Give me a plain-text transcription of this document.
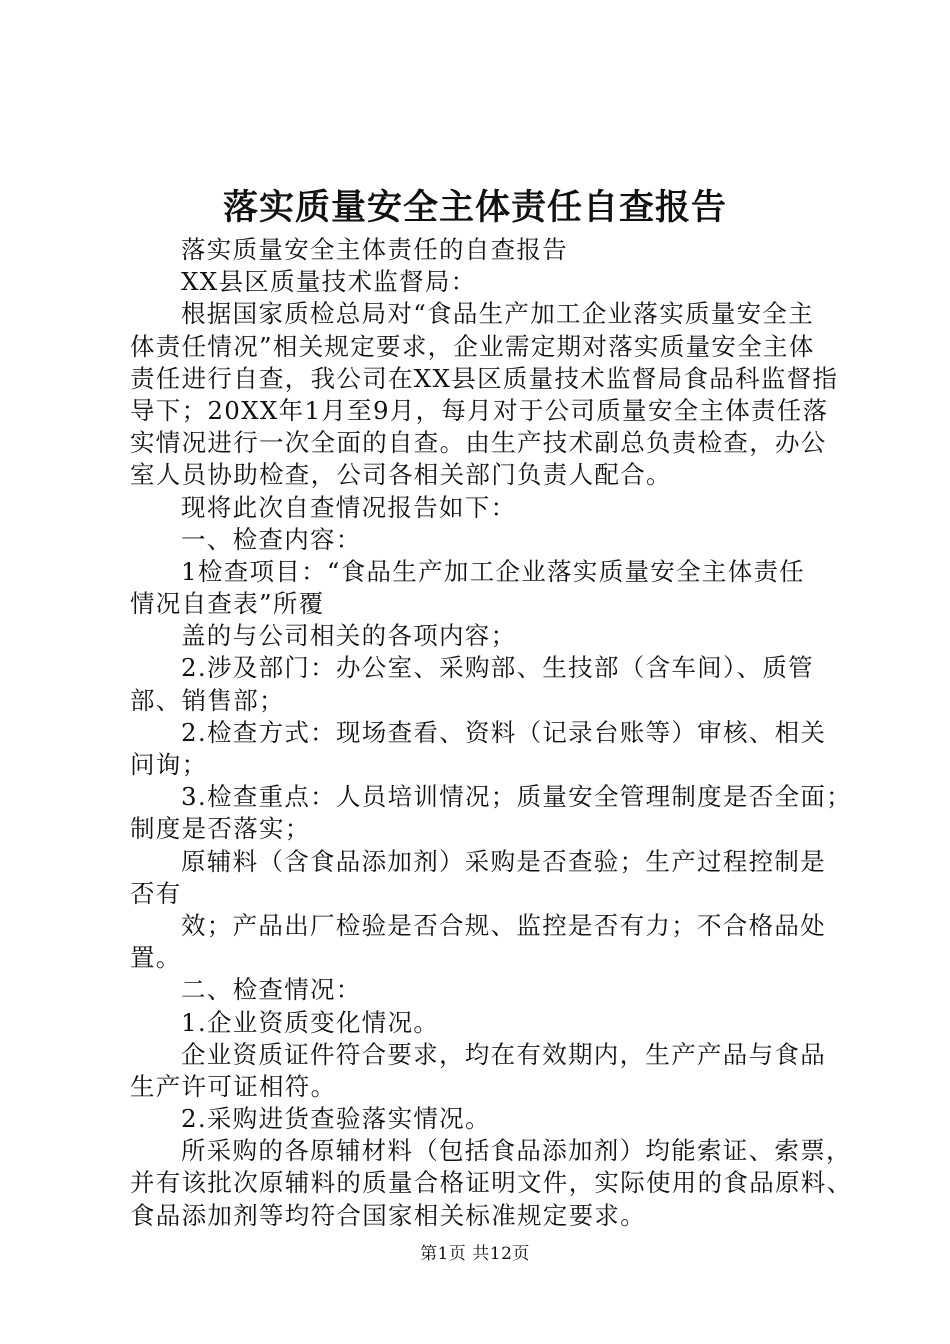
落实质量安全主体责任自查报告
落实质量安全主体责任的自查报告
XX县区质量技术监督局：
根据国家质检总局对“食品生产加工企业落实质量安全主
体责任情况”相关规定要求，企业需定期对落实质量安全主体
责任进行自查，我公司在XX县区质量技术监督局食品科监督指
导下；20XX年1月至9月，每月对于公司质量安全主体责任落
实情况进行一次全面的自查。由生产技术副总负责检查，办公
室人员协助检查，公司各相关部门负责人配合。
现将此次自查情况报告如下：
一、检查内容：
1检查项目：“食品生产加工企业落实质量安全主体责任
情况自查表”所覆
盖的与公司相关的各项内容；
2.涉及部门：办公室、采购部、生技部（含车间）、质管
部、销售部；
2.检查方式：现场查看、资料（记录台账等）审核、相关
问询；
3.检查重点：人员培训情况；质量安全管理制度是否全面；
制度是否落实；
原辅料（含食品添加剂）采购是否查验；生产过程控制是
否有
效；产品出厂检验是否合规、监控是否有力；不合格品处
置。
二、检查情况：
1.企业资质变化情况。
企业资质证件符合要求，均在有效期内，生产产品与食品
生产许可证相符。
2.采购进货查验落实情况。
所采购的各原辅材料（包括食品添加剂）均能索证、索票，
并有该批次原辅料的质量合格证明文件，实际使用的食品原料、
食品添加剂等均符合国家相关标准规定要求。
第1页 共12页
